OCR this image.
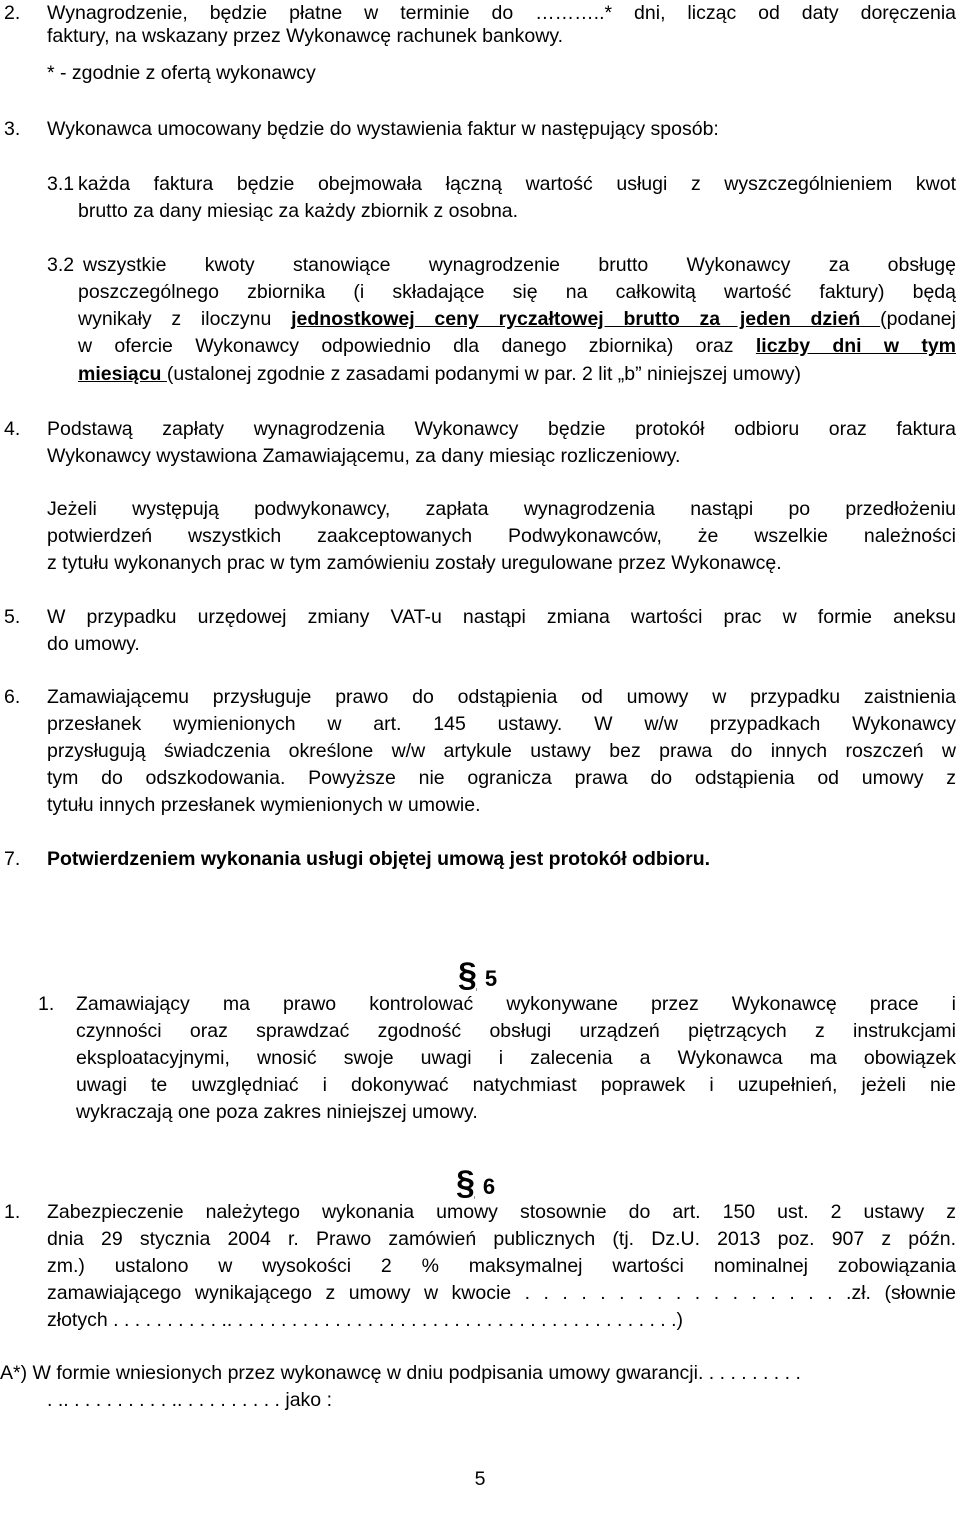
2. Wynagrodzenie, będzie płatne w terminie do ………..* dni, licząc od daty doręczenia
faktury, na wskazany przez Wykonawcę rachunek bankowy.
* - zgodnie z ofertą wykonawcy
3. Wykonawca umocowany będzie do wystawienia faktur w następujący sposób:
3.1 każda faktura będzie obejmowała łączną wartość usługi z wyszczególnieniem kwot
brutto za dany miesiąc za każdy zbiornik z osobna.
3.2 wszystkie kwoty stanowiące wynagrodzenie brutto Wykonawcy za obsługę
poszczególnego zbiornika (i składające się na całkowitą wartość faktury) będą
wynikały z iloczynu jednostkowej ceny ryczałtowej brutto za jeden dzień (podanej
w ofercie Wykonawcy odpowiednio dla danego zbiornika) oraz liczby dni w tym
miesiącu (ustalonej zgodnie z zasadami podanymi w par. 2 lit „b” niniejszej umowy)
4. Podstawą zapłaty wynagrodzenia Wykonawcy będzie protokół odbioru oraz faktura
Wykonawcy wystawiona Zamawiającemu, za dany miesiąc rozliczeniowy.
Jeżeli występują podwykonawcy, zapłata wynagrodzenia nastąpi po przedłożeniu
potwierdzeń wszystkich zaakceptowanych Podwykonawców, że wszelkie należności
z tytułu wykonanych prac w tym zamówieniu zostały uregulowane przez Wykonawcę.
5. W przypadku urzędowej zmiany VAT-u nastąpi zmiana wartości prac w formie aneksu
do umowy.
6. Zamawiającemu przysługuje prawo do odstąpienia od umowy w przypadku zaistnienia
przesłanek wymienionych w art. 145 ustawy. W w/w przypadkach Wykonawcy
przysługują świadczenia określone w/w artykule ustawy bez prawa do innych roszczeń w
tym do odszkodowania. Powyższe nie ogranicza prawa do odstąpienia od umowy z
tytułu innych przesłanek wymienionych w umowie.
7. Potwierdzeniem wykonania usługi objętej umową jest protokół odbioru.
§ 5
1. Zamawiający ma prawo kontrolować wykonywane przez Wykonawcę prace i
czynności oraz sprawdzać zgodność obsługi urządzeń piętrzących z instrukcjami
eksploatacyjnymi, wnosić swoje uwagi i zalecenia a Wykonawca ma obowiązek
uwagi te uwzględniać i dokonywać natychmiast poprawek i uzupełnień, jeżeli nie
wykraczają one poza zakres niniejszej umowy.
§ 6
1. Zabezpieczenie należytego wykonania umowy stosownie do art. 150 ust. 2 ustawy z
dnia 29 stycznia 2004 r. Prawo zamówień publicznych (tj. Dz.U. 2013 poz. 907 z późn.
zm.) ustalono w wysokości 2 % maksymalnej wartości nominalnej zobowiązania
zamawiającego wynikającego z umowy w kwocie . . . . . . . . . . . . . . . . . .zł. (słownie
złotych . . . . . . . . . . .. . . . . . . . . . . . . . . . . . . . . . . . . . . . . . . . . . . . . . . . . .)
A*) W formie wniesionych przez wykonawcę w dniu podpisania umowy gwarancji. . . . . . . . . .
. .. . . . . . . . . . .. . . . . . . . . . jako :
5
